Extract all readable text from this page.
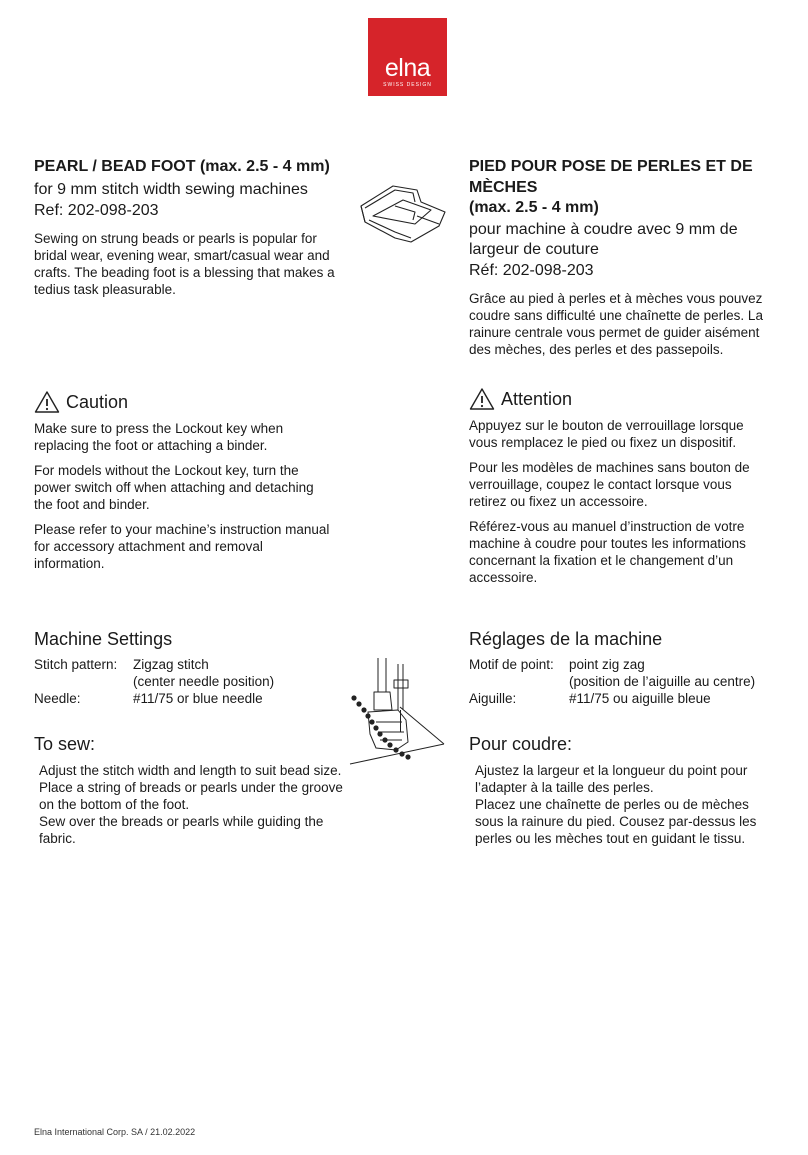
elna
SWISS DESIGN
PEARL / BEAD FOOT (max. 2.5 - 4 mm)
for 9 mm stitch width sewing machines
Ref: 202-098-203
Sewing on strung beads or pearls is popular for bridal wear, evening wear, smart/casual wear and crafts. The beading foot is a blessing that makes a tedius task pleasurable.
PIED POUR POSE DE PERLES ET DE MÈCHES
(max. 2.5 - 4 mm)
pour machine à coudre avec 9 mm de largeur de couture
Réf: 202-098-203
Grâce au pied à perles et à mèches vous pouvez coudre sans difficulté une chaînette de perles. La rainure centrale vous permet de guider aisément des mèches, des perles et des passepoils.
Caution

Make sure to press the Lockout key when replacing the foot or attaching a binder.

For models without the Lockout key, turn the power switch off when attaching and detaching the foot and binder.

Please refer to your machine’s instruction manual for accessory attachment and removal information.

Attention

Appuyez sur le bouton de verrouillage lorsque vous remplacez le pied ou fixez un dispositif.

Pour les modèles de machines sans bouton de verrouillage, coupez le contact lorsque vous retirez ou fixez un accessoire.

Référez-vous au manuel d’instruction de votre machine à coudre pour toutes les informations concernant la fixation et le changement d’un accessoire.

Machine Settings
Stitch pattern:	Zigzag stitch
	(center needle position)
Needle:	#11/75 or blue needle
Réglages de la machine
Motif de point:	point zig zag
	(position de l’aiguille au centre)
Aiguille:	#11/75 ou aiguille bleue
To sew:
Adjust the stitch width and length to suit bead size.
Place a string of breads or pearls under the groove on the bottom of the foot.
Sew over the breads or pearls while guiding the fabric.
Pour coudre:
Ajustez la largeur et la longueur du point pour l’adapter à la taille des perles.
Placez une chaînette de perles ou de mèches sous la rainure du pied. Cousez par-dessus les perles ou les mèches tout en guidant le tissu.
Elna International Corp. SA / 21.02.2022
